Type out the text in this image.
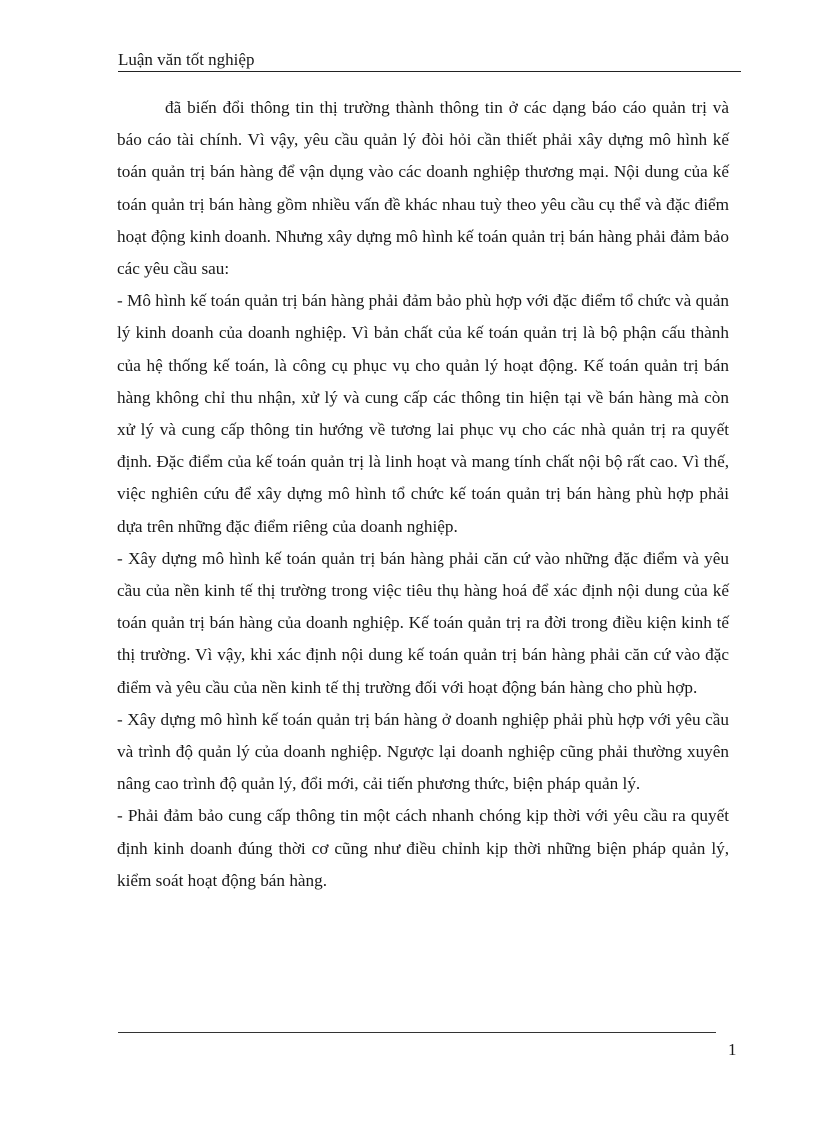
Luận văn tốt nghiệp

đã biến đổi thông tin thị trường thành thông tin ở các dạng báo cáo quản trị và báo cáo tài chính. Vì vậy, yêu cầu quản lý đòi hỏi cần thiết phải xây dựng mô hình kế toán quản trị bán hàng để vận dụng vào các doanh nghiệp thương mại. Nội dung của kế toán quản trị bán hàng gồm nhiều vấn đề khác nhau tuỳ theo yêu cầu cụ thể và đặc điểm hoạt động kinh doanh. Nhưng xây dựng mô hình kế toán quản trị bán hàng phải đảm bảo các yêu cầu sau:

- Mô hình kế toán quản trị bán hàng phải đảm bảo phù hợp với đặc điểm tổ chức và quản lý kinh doanh của doanh nghiệp. Vì bản chất của kế toán quản trị là bộ phận cấu thành của hệ thống kế toán, là công cụ phục vụ cho quản lý hoạt động. Kế toán quản trị bán hàng không chỉ thu nhận, xử lý và cung cấp các thông tin hiện tại về bán hàng mà còn xử lý và cung cấp thông tin hướng về tương lai phục vụ cho các nhà quản trị ra quyết định. Đặc điểm của kế toán quản trị là linh hoạt và mang tính chất nội bộ rất cao. Vì thế, việc nghiên cứu để xây dựng mô hình tổ chức kế toán quản trị bán hàng phù hợp phải dựa trên những đặc điểm riêng của doanh nghiệp.

- Xây dựng mô hình kế toán quản trị bán hàng phải căn cứ vào những đặc điểm và yêu cầu của nền kinh tế thị trường trong việc tiêu thụ hàng hoá để xác định nội dung của kế toán quản trị bán hàng của doanh nghiệp. Kế toán quản trị ra đời trong điều kiện kinh tế thị trường. Vì vậy, khi xác định nội dung kế toán quản trị bán hàng phải căn cứ vào đặc điểm và yêu cầu của nền kinh tế thị trường đối với hoạt động bán hàng cho phù hợp.

- Xây dựng mô hình kế toán quản trị bán hàng ở doanh nghiệp phải phù hợp với yêu cầu và trình độ quản lý của doanh nghiệp. Ngược lại doanh nghiệp cũng phải thường xuyên nâng cao trình độ quản lý, đổi mới, cải tiến phương thức, biện pháp quản lý.

- Phải đảm bảo cung cấp thông tin một cách nhanh chóng kịp thời với yêu cầu ra quyết định kinh doanh đúng thời cơ cũng như điều chỉnh kịp thời những biện pháp quản lý, kiểm soát hoạt động bán hàng.

1
